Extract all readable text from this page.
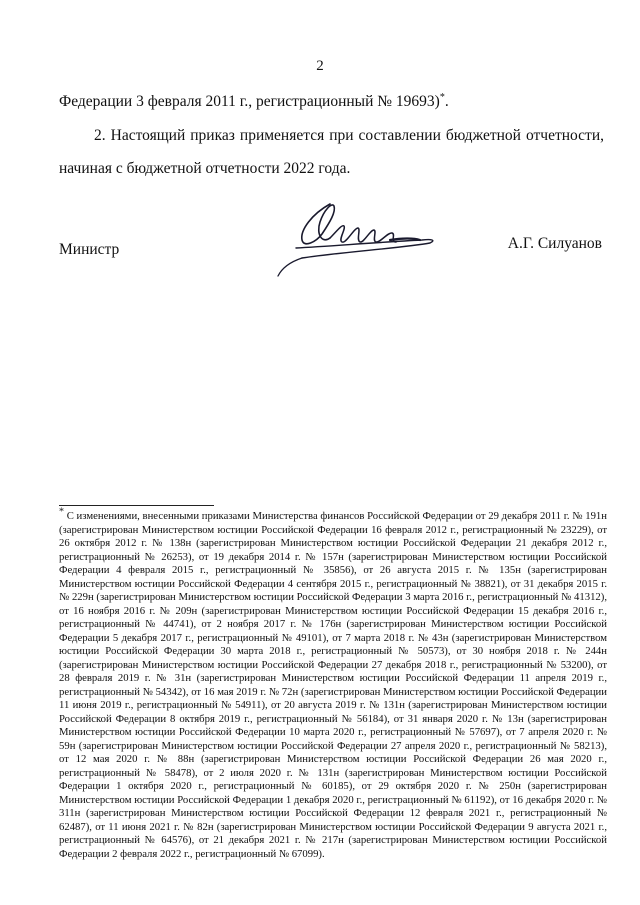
2
Федерации 3 февраля 2011 г., регистрационный № 19693)*.
2. Настоящий приказ применяется при составлении бюджетной отчетности, начиная с бюджетной отчетности 2022 года.
Министр	А.Г. Силуанов
* С изменениями, внесенными приказами Министерства финансов Российской Федерации от 29 декабря 2011 г. № 191н (зарегистрирован Министерством юстиции Российской Федерации 16 февраля 2012 г., регистрационный № 23229), от 26 октября 2012 г. № 138н (зарегистрирован Министерством юстиции Российской Федерации 21 декабря 2012 г., регистрационный № 26253), от 19 декабря 2014 г. № 157н (зарегистрирован Министерством юстиции Российской Федерации 4 февраля 2015 г., регистрационный № 35856), от 26 августа 2015 г. № 135н (зарегистрирован Министерством юстиции Российской Федерации 4 сентября 2015 г., регистрационный № 38821), от 31 декабря 2015 г. № 229н (зарегистрирован Министерством юстиции Российской Федерации 3 марта 2016 г., регистрационный № 41312), от 16 ноября 2016 г. № 209н (зарегистрирован Министерством юстиции Российской Федерации 15 декабря 2016 г., регистрационный № 44741), от 2 ноября 2017 г. № 176н (зарегистрирован Министерством юстиции Российской Федерации 5 декабря 2017 г., регистрационный № 49101), от 7 марта 2018 г. № 43н (зарегистрирован Министерством юстиции Российской Федерации 30 марта 2018 г., регистрационный № 50573), от 30 ноября 2018 г. № 244н (зарегистрирован Министерством юстиции Российской Федерации 27 декабря 2018 г., регистрационный № 53200), от 28 февраля 2019 г. № 31н (зарегистрирован Министерством юстиции Российской Федерации 11 апреля 2019 г., регистрационный № 54342), от 16 мая 2019 г. № 72н (зарегистрирован Министерством юстиции Российской Федерации 11 июня 2019 г., регистрационный № 54911), от 20 августа 2019 г. № 131н (зарегистрирован Министерством юстиции Российской Федерации 8 октября 2019 г., регистрационный № 56184), от 31 января 2020 г. № 13н (зарегистрирован Министерством юстиции Российской Федерации 10 марта 2020 г., регистрационный № 57697), от 7 апреля 2020 г. № 59н (зарегистрирован Министерством юстиции Российской Федерации 27 апреля 2020 г., регистрационный № 58213), от 12 мая 2020 г. № 88н (зарегистрирован Министерством юстиции Российской Федерации 26 мая 2020 г., регистрационный № 58478), от 2 июля 2020 г. № 131н (зарегистрирован Министерством юстиции Российской Федерации 1 октября 2020 г., регистрационный № 60185), от 29 октября 2020 г. № 250н (зарегистрирован Министерством юстиции Российской Федерации 1 декабря 2020 г., регистрационный № 61192), от 16 декабря 2020 г. № 311н (зарегистрирован Министерством юстиции Российской Федерации 12 февраля 2021 г., регистрационный № 62487), от 11 июня 2021 г. № 82н (зарегистрирован Министерством юстиции Российской Федерации 9 августа 2021 г., регистрационный № 64576), от 21 декабря 2021 г. № 217н (зарегистрирован Министерством юстиции Российской Федерации 2 февраля 2022 г., регистрационный № 67099).
